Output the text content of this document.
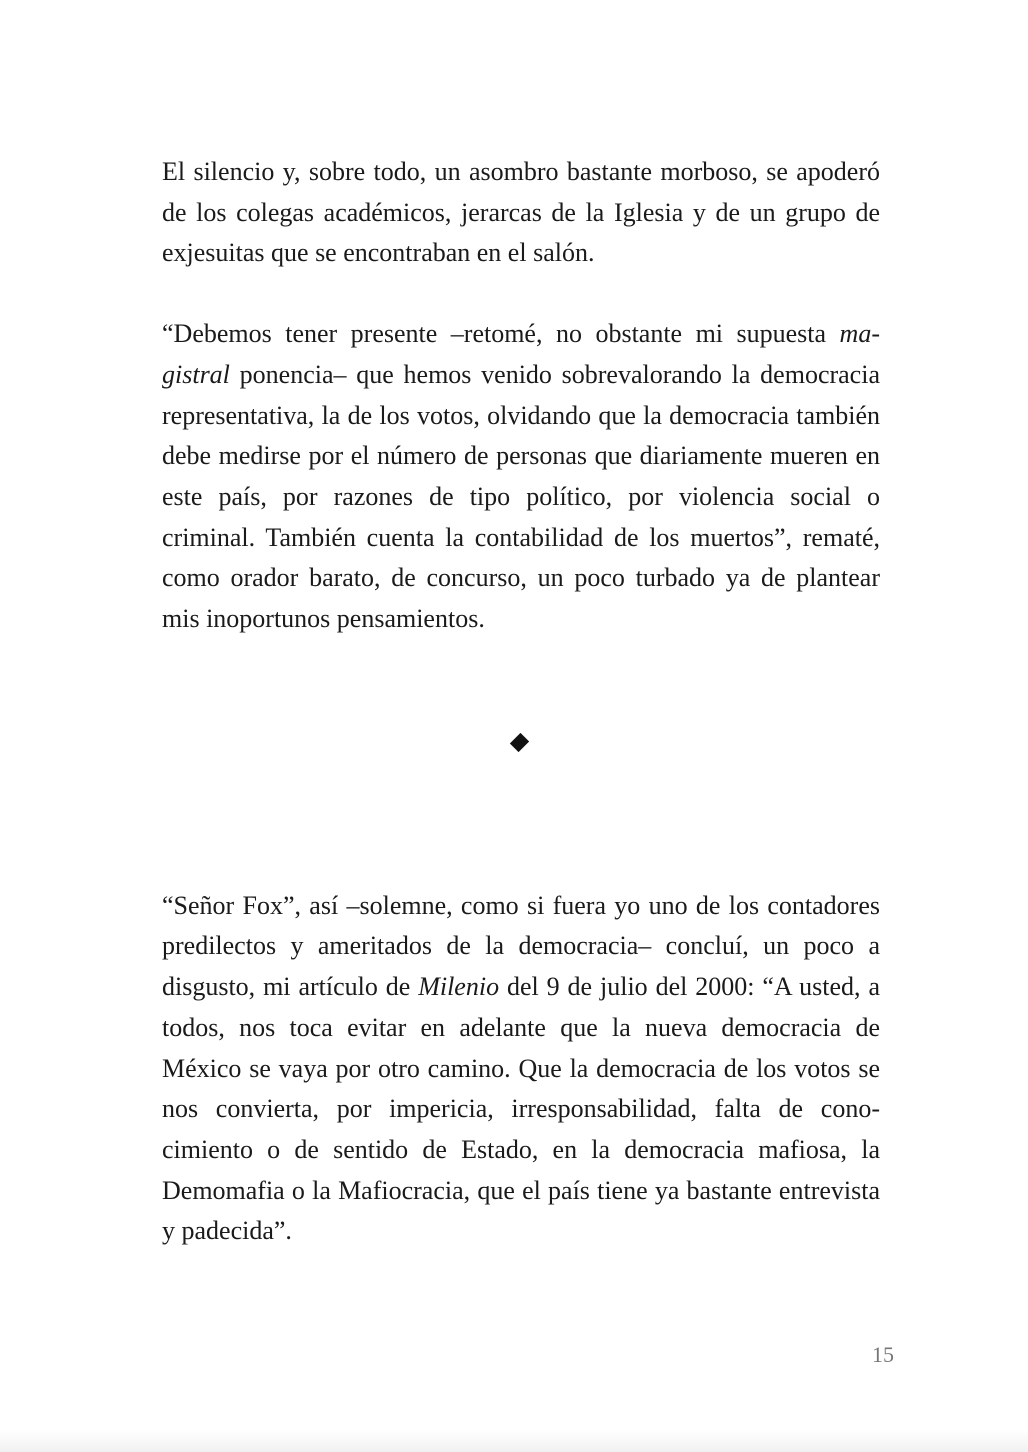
El silencio y, sobre todo, un asombro bastante morboso, se apoderó de los colegas académicos, jerarcas de la Iglesia y de un grupo de exjesuitas que se encontraban en el salón.

“Debemos tener presente –retomé, no obstante mi supuesta magistral ponencia– que hemos venido sobrevalorando la democracia representativa, la de los votos, olvidando que la democracia también debe medirse por el número de personas que diariamente mueren en este país, por razones de tipo político, por violencia social o criminal. También cuenta la contabilidad de los muertos”, rematé, como orador barato, de concurso, un poco turbado ya de plantear mis inoportunos pensamientos.

“Señor Fox”, así –solemne, como si fuera yo uno de los contadores predilectos y ameritados de la democracia– concluí, un poco a disgusto, mi artículo de Milenio del 9 de julio del 2000: “A usted, a todos, nos toca evitar en adelante que la nueva democracia de México se vaya por otro camino. Que la democracia de los votos se nos convierta, por impericia, irresponsabilidad, falta de conocimiento o de sentido de Estado, en la democracia mafiosa, la Demomafia o la Mafiocracia, que el país tiene ya bastante entrevista y padecida”.

15
